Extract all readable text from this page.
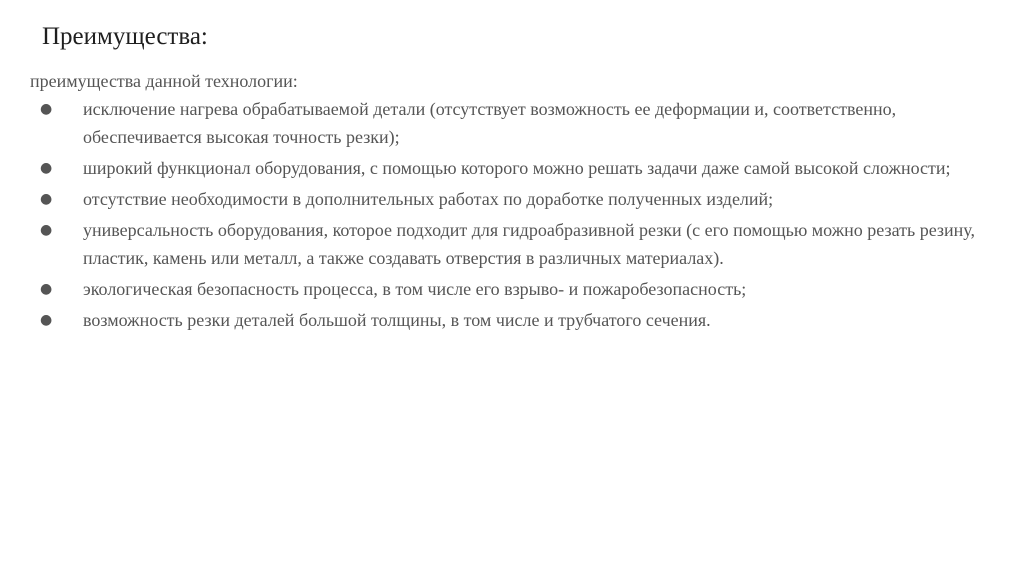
Преимущества:
преимущества данной технологии:
● исключение нагрева обрабатываемой детали (отсутствует возможность ее деформации и, соответственно, обеспечивается высокая точность резки);
● широкий функционал оборудования, с помощью которого можно решать задачи даже самой высокой сложности;
● отсутствие необходимости в дополнительных работах по доработке полученных изделий;
● универсальность оборудования, которое подходит для гидроабразивной резки (с его помощью можно резать резину, пластик, камень или металл, а также создавать отверстия в различных материалах).
● экологическая безопасность процесса, в том числе его взрыво- и пожаробезопасность;
● возможность резки деталей большой толщины, в том числе и трубчатого сечения.
